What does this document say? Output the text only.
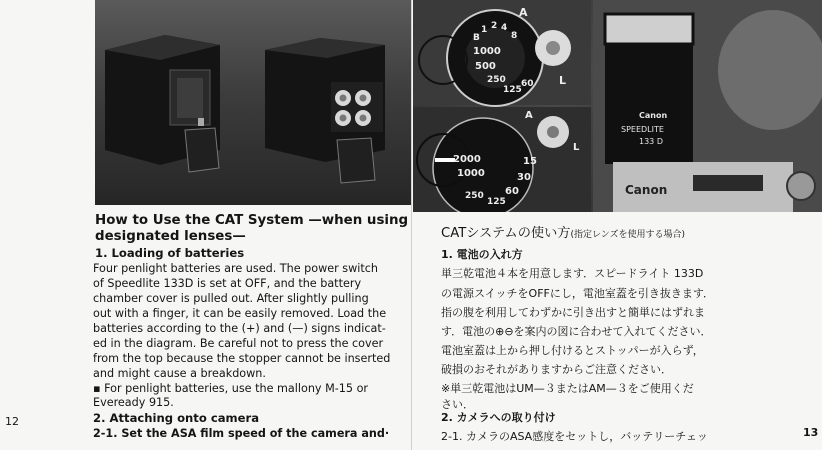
How to Use the CAT System —when using
designated lenses—
1. Loading of batteries
Four penlight batteries are used. The power switch
of Speedlite 133D is set at OFF, and the battery
chamber cover is pulled out. After slightly pulling
out with a finger, it can be easily removed. Load the
batteries according to the (+) and (—) signs indicat-
ed in the diagram. Be careful not to press the cover
from the top because the stopper cannot be inserted
and might cause a breakdown.
▪ For penlight batteries, use the mallony M-15 or
Eveready 915.
2. Attaching onto camera
2-1. Set the ASA film speed of the camera and·
12
1000
500
250
125
60
8
4
2
1
B
A
L
2000
1000
15
30
60
125
250
A
L
Canon
SPEEDLITE
133 D
Canon
CATシステムの使い方(指定レンズを使用する場合)
1. 電池の入れ方
単三乾電池４本を用意します．スピードライト 133D
の電源スイッチをOFFにし，電池室蓋を引き抜きます．
指の腹を利用してわずかに引き出すと簡単にはずれま
す．電池の⊕⊖を案内の図に合わせて入れてください．
電池室蓋は上から押し付けるとストッパーが入らず，
破損のおそれがありますからご注意ください．
※単三乾電池はUM—３またはAM—３をご使用くだ
さい．
2. カメラへの取り付け
2-1. カメラのASA感度をセットし，バッテリーチェッ	13
